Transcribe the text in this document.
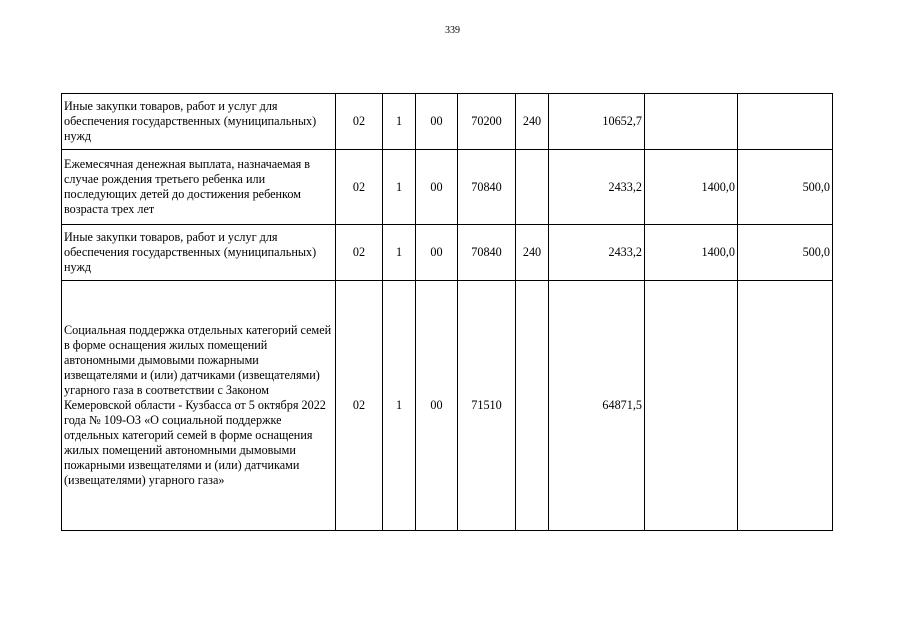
339
Иные закупки товаров, работ и услуг для обеспечения государственных (муниципальных) нужд	02	1	00	70200	240	10652,7		

Ежемесячная денежная выплата, назначаемая в случае рождения третьего ребенка или последующих детей до достижения ребенком возраста трех лет	02	1	00	70840		2433,2	1400,0	500,0

Иные закупки товаров, работ и услуг для обеспечения государственных (муниципальных) нужд	02	1	00	70840	240	2433,2	1400,0	500,0

Социальная поддержка отдельных категорий семей в форме оснащения жилых помещений автономными дымовыми пожарными извещателями и (или) датчиками (извещателями) угарного газа в соответствии с Законом Кемеровской области - Кузбасса от 5 октября 2022 года № 109-ОЗ «О социальной поддержке отдельных категорий семей в форме оснащения жилых помещений автономными дымовыми пожарными извещателями и (или) датчиками (извещателями) угарного газа»	02	1	00	71510		64871,5		
